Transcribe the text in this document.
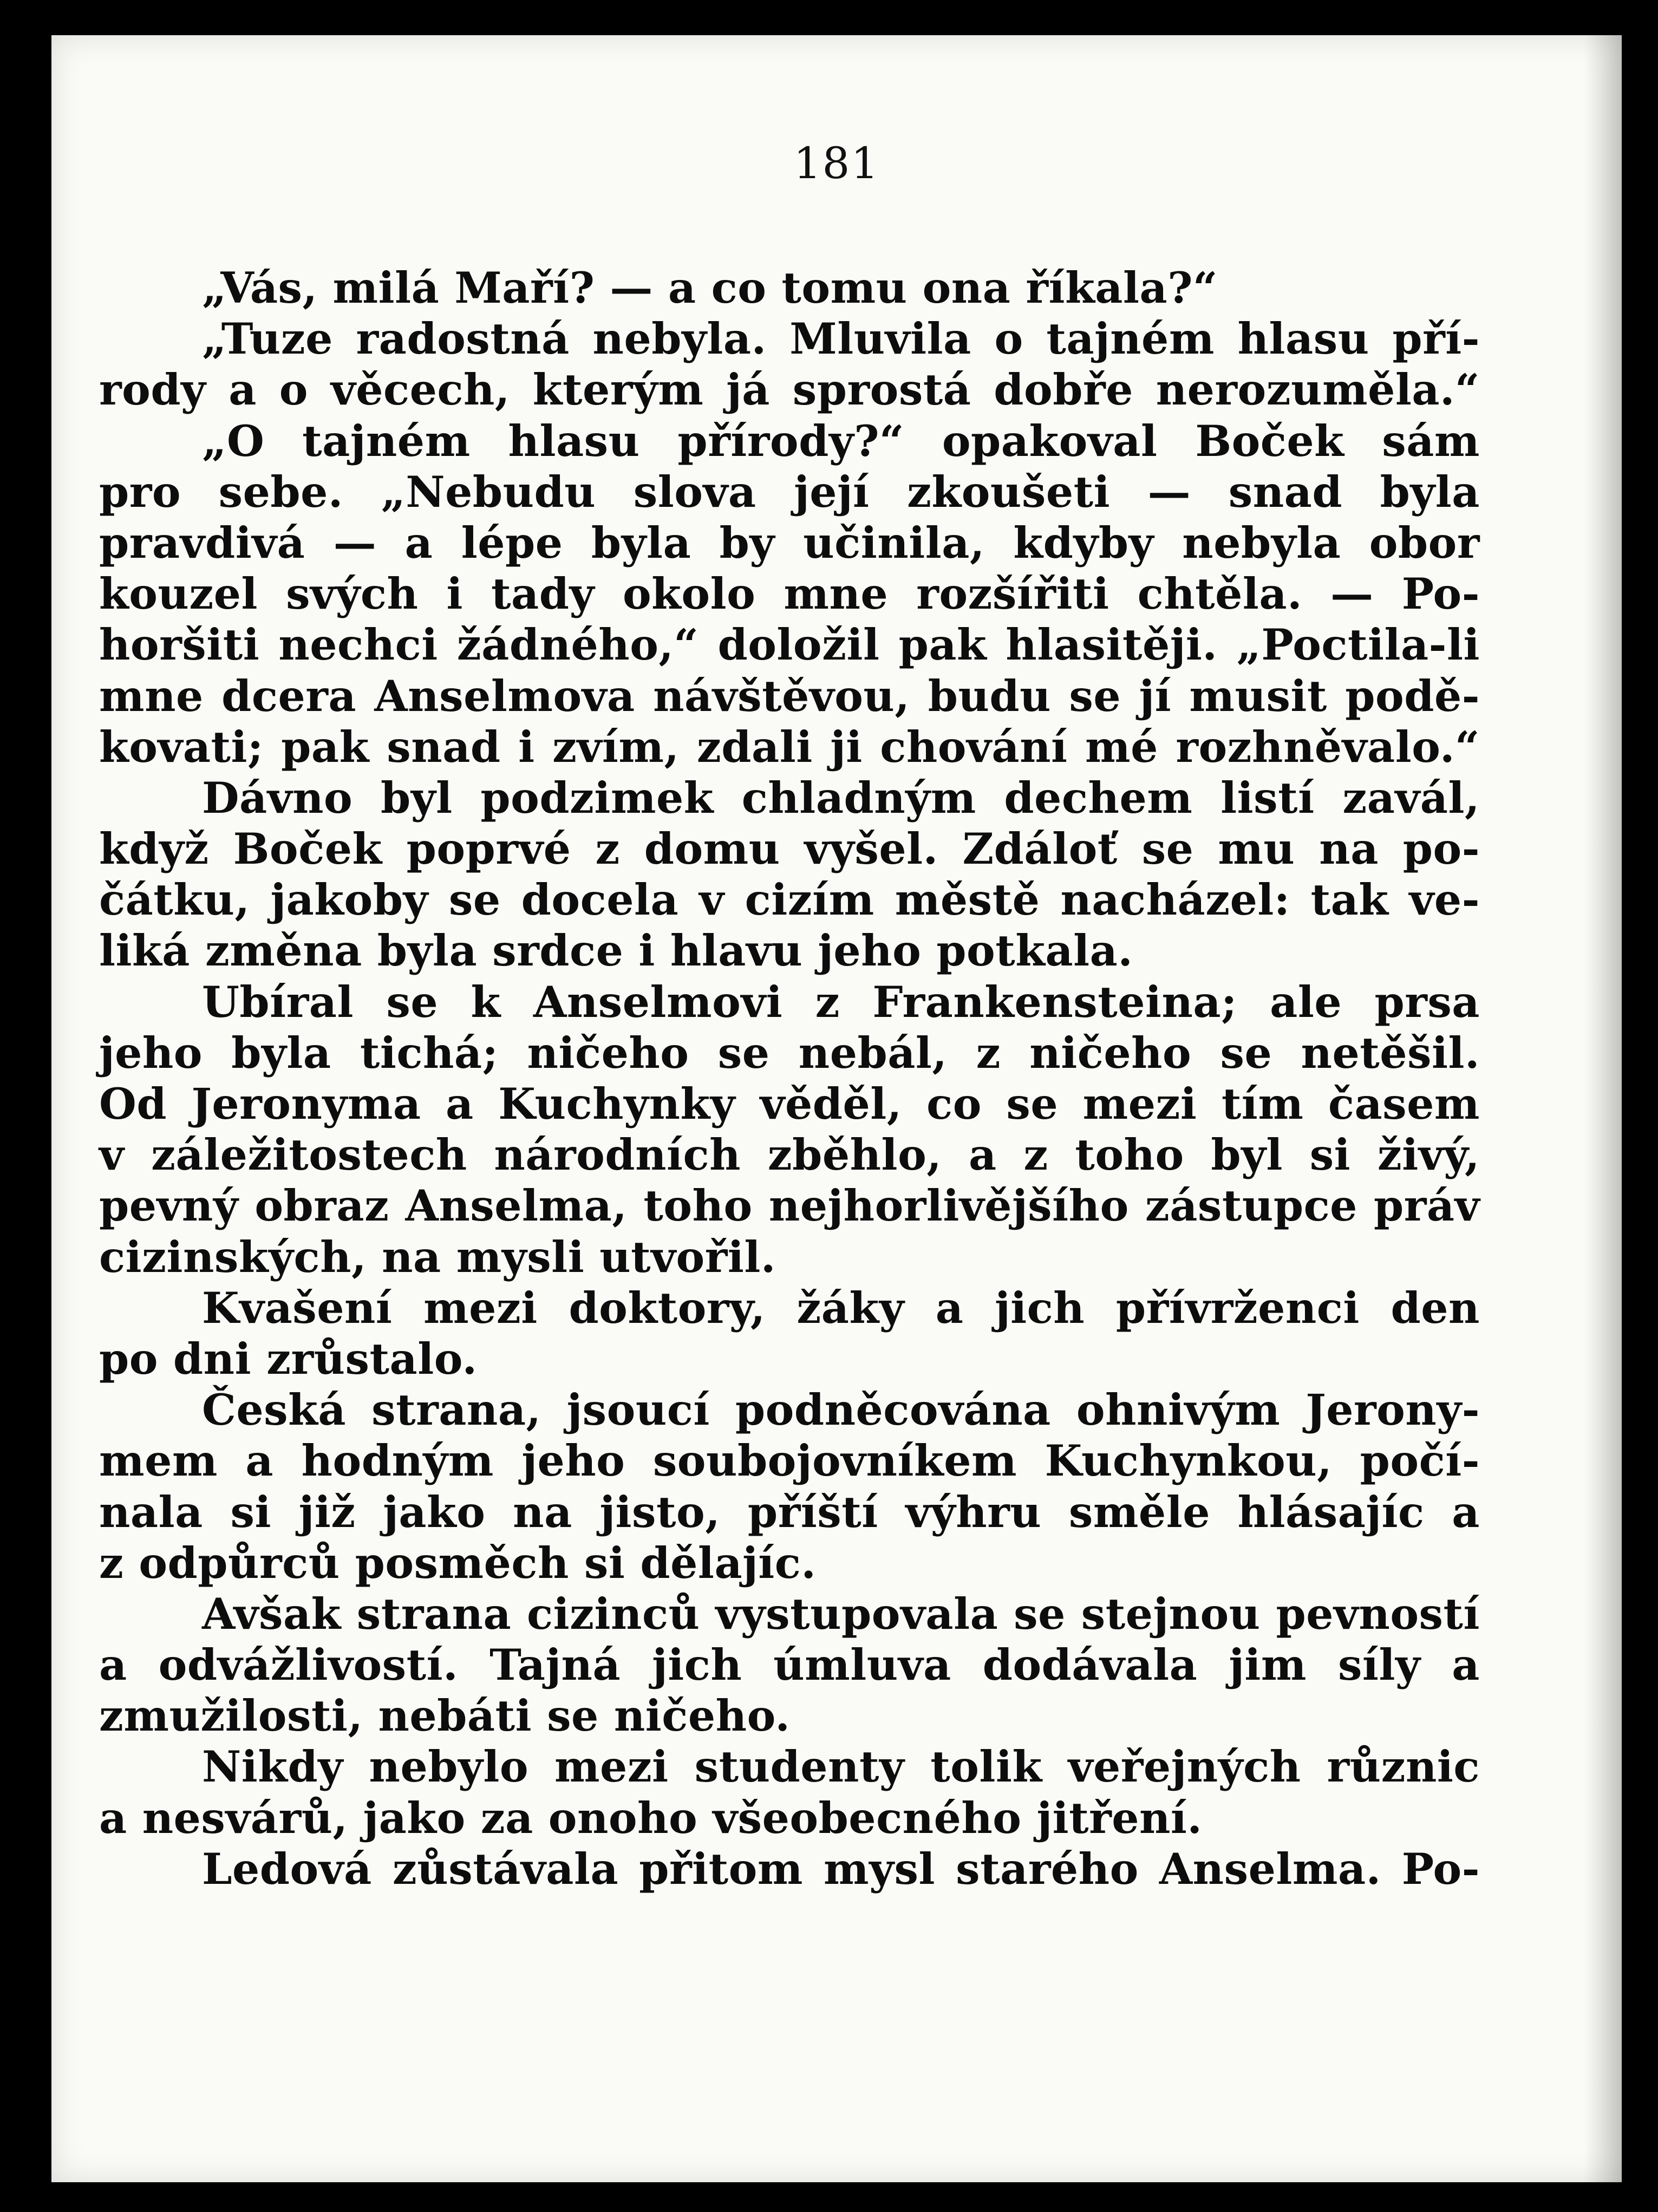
181
„Vás, milá Maří? — a co tomu ona říkala?“
„Tuze radostná nebyla. Mluvila o tajném hlasu pří-
rody a o věcech, kterým já sprostá dobře nerozuměla.“
„O tajném hlasu přírody?“ opakoval Boček sám
pro sebe. „Nebudu slova její zkoušeti — snad byla
pravdivá — a lépe byla by učinila, kdyby nebyla obor
kouzel svých i tady okolo mne rozšířiti chtěla. — Po-
horšiti nechci žádného,“ doložil pak hlasitěji. „Poctila-li
mne dcera Anselmova návštěvou, budu se jí musit podě-
kovati; pak snad i zvím, zdali ji chování mé rozhněvalo.“
Dávno byl podzimek chladným dechem listí zavál,
když Boček poprvé z domu vyšel. Zdáloť se mu na po-
čátku, jakoby se docela v cizím městě nacházel: tak ve-
liká změna byla srdce i hlavu jeho potkala.
Ubíral se k Anselmovi z Frankensteina; ale prsa
jeho byla tichá; ničeho se nebál, z ničeho se netěšil.
Od Jeronyma a Kuchynky věděl, co se mezi tím časem
v záležitostech národních zběhlo, a z toho byl si živý,
pevný obraz Anselma, toho nejhorlivějšího zástupce práv
cizinských, na mysli utvořil.
Kvašení mezi doktory, žáky a jich přívrženci den
po dni zrůstalo.
Česká strana, jsoucí podněcována ohnivým Jerony-
mem a hodným jeho soubojovníkem Kuchynkou, počí-
nala si již jako na jisto, příští výhru směle hlásajíc a
z odpůrců posměch si dělajíc.
Avšak strana cizinců vystupovala se stejnou pevností
a odvážlivostí. Tajná jich úmluva dodávala jim síly a
zmužilosti, nebáti se ničeho.
Nikdy nebylo mezi studenty tolik veřejných různic
a nesvárů, jako za onoho všeobecného jitření.
Ledová zůstávala přitom mysl starého Anselma. Po-
